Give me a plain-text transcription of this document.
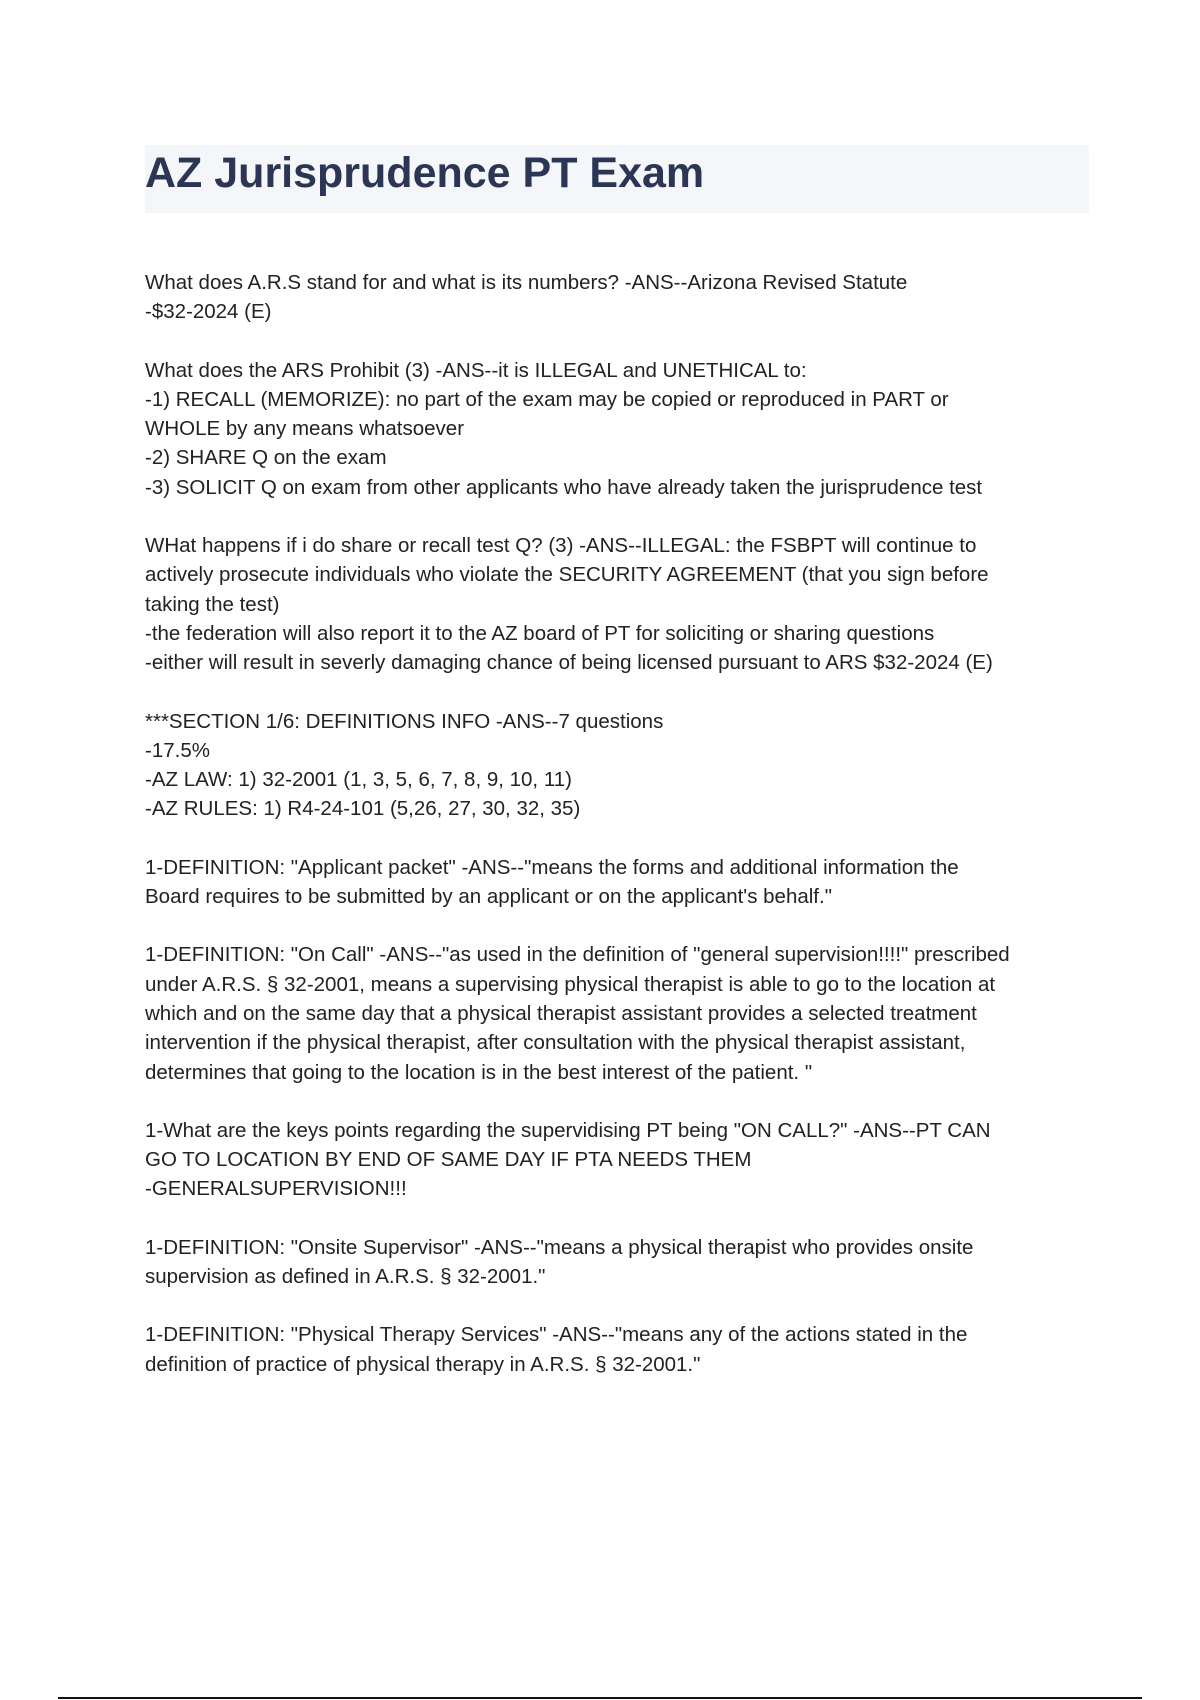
AZ Jurisprudence PT Exam

What does A.R.S stand for and what is its numbers? -ANS--Arizona Revised Statute
-$32-2024 (E)

What does the ARS Prohibit (3) -ANS--it is ILLEGAL and UNETHICAL to:
-1) RECALL (MEMORIZE): no part of the exam may be copied or reproduced in PART or
WHOLE by any means whatsoever
-2) SHARE Q on the exam
-3) SOLICIT Q on exam from other applicants who have already taken the jurisprudence test

WHat happens if i do share or recall test Q? (3) -ANS--ILLEGAL: the FSBPT will continue to
actively prosecute individuals who violate the SECURITY AGREEMENT (that you sign before
taking the test)
-the federation will also report it to the AZ board of PT for soliciting or sharing questions
-either will result in severly damaging chance of being licensed pursuant to ARS $32-2024 (E)

***SECTION 1/6: DEFINITIONS INFO -ANS--7 questions
-17.5%
-AZ LAW: 1) 32-2001 (1, 3, 5, 6, 7, 8, 9, 10, 11)
-AZ RULES: 1) R4-24-101 (5,26, 27, 30, 32, 35)

1-DEFINITION: "Applicant packet" -ANS--"means the forms and additional information the
Board requires to be submitted by an applicant or on the applicant's behalf."

1-DEFINITION: "On Call" -ANS--"as used in the definition of "general supervision!!!!" prescribed
under A.R.S. § 32-2001, means a supervising physical therapist is able to go to the location at
which and on the same day that a physical therapist assistant provides a selected treatment
intervention if the physical therapist, after consultation with the physical therapist assistant,
determines that going to the location is in the best interest of the patient. "

1-What are the keys points regarding the supervidising PT being "ON CALL?" -ANS--PT CAN
GO TO LOCATION BY END OF SAME DAY IF PTA NEEDS THEM
-GENERALSUPERVISION!!!

1-DEFINITION: "Onsite Supervisor" -ANS--"means a physical therapist who provides onsite
supervision as defined in A.R.S. § 32-2001."

1-DEFINITION: "Physical Therapy Services" -ANS--"means any of the actions stated in the
definition of practice of physical therapy in A.R.S. § 32-2001."
